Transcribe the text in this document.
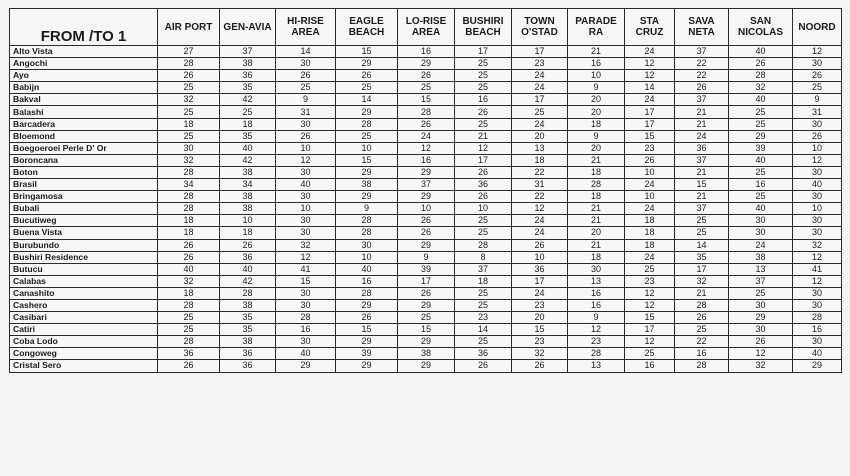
FROM /TO 1	AIR PORT	GEN-AVIA	HI-RISE AREA	EAGLE BEACH	LO-RISE AREA	BUSHIRI BEACH	TOWN O'STAD	PARADE RA	STA CRUZ	SAVA NETA	SAN NICOLAS	NOORD
Alto Vista	27	37	14	15	16	17	17	21	24	37	40	12
Angochi	28	38	30	29	29	25	23	16	12	22	26	30
Ayo	26	36	26	26	26	25	24	10	12	22	28	26
Babijn	25	35	25	25	25	25	24	9	14	26	32	25
Bakval	32	42	9	14	15	16	17	20	24	37	40	9
Balashi	25	25	31	29	28	26	25	20	17	21	25	31
Barcadera	18	18	30	28	26	25	24	18	17	21	25	30
Bloemond	25	35	26	25	24	21	20	9	15	24	29	26
Boegoeroei Perle D' Or	30	40	10	10	12	12	13	20	23	36	39	10
Boroncana	32	42	12	15	16	17	18	21	26	37	40	12
Boton	28	38	30	29	29	26	22	18	10	21	25	30
Brasil	34	34	40	38	37	36	31	28	24	15	16	40
Bringamosa	28	38	30	29	29	26	22	18	10	21	25	30
Bubali	28	38	10	9	10	10	12	21	24	37	40	10
Bucutiweg	18	10	30	28	26	25	24	21	18	25	30	30
Buena Vista	18	18	30	28	26	25	24	20	18	25	30	30
Burubundo	26	26	32	30	29	28	26	21	18	14	24	32
Bushiri Residence	26	36	12	10	9	8	10	18	24	35	38	12
Butucu	40	40	41	40	39	37	36	30	25	17	13	41
Calabas	32	42	15	16	17	18	17	13	23	32	37	12
Canashito	18	28	30	28	26	25	24	16	12	21	25	30
Cashero	28	38	30	29	29	25	23	16	12	28	30	30
Casibari	25	35	28	26	25	23	20	9	15	26	29	28
Catiri	25	35	16	15	15	14	15	12	17	25	30	16
Coba Lodo	28	38	30	29	29	25	23	23	12	22	26	30
Congoweg	36	36	40	39	38	36	32	28	25	16	12	40
Cristal Sero	26	36	29	29	29	26	26	13	16	28	32	29
